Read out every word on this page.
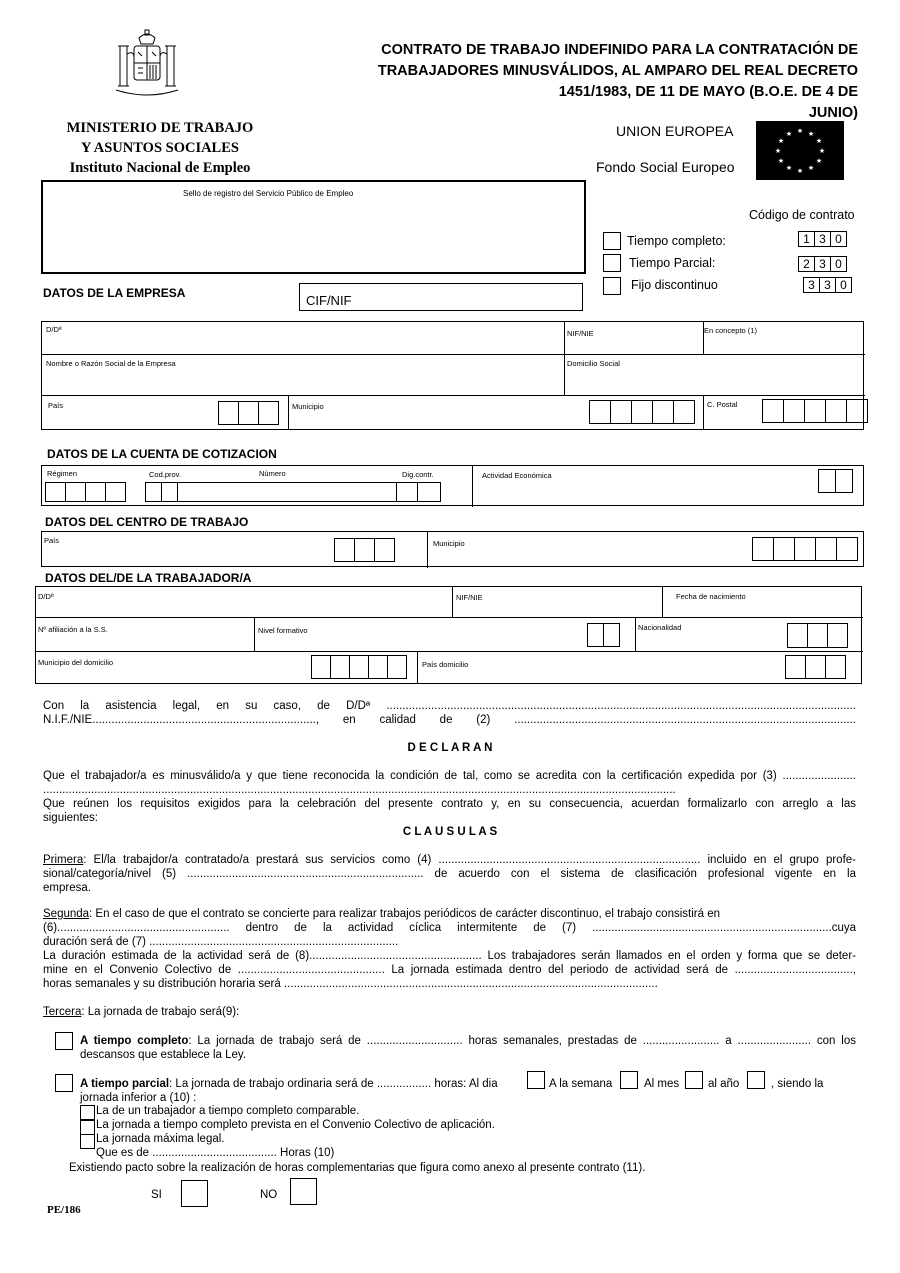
CONTRATO DE TRABAJO INDEFINIDO PARA LA CONTRATACIÓN DE
TRABAJADORES MINUSVÁLIDOS, AL AMPARO DEL REAL DECRETO
1451/1983, DE 11 DE MAYO (B.O.E. DE 4 DE
JUNIO)
MINISTERIO DE TRABAJO
Y ASUNTOS SOCIALES
Instituto Nacional de Empleo
UNION EUROPEA
Fondo Social Europeo
★ ★
★
★
★
★
★
★
★
★
★
★
Sello de registro del Servicio Público de Empleo
Código de contrato
Tiempo completo:	1 3 0
Tiempo Parcial:	2 3 0
Fijo discontinuo	3 3 0
DATOS DE LA EMPRESA	CIF/NIF
D/Dª	NIF/NIE	En concepto (1)
Nombre o Razón Social de la Empresa	Domicilio Social
País	Municipio	C. Postal
DATOS DE LA CUENTA DE COTIZACION
Régimen	Cod.prov.	Número	Dig.contr.	Actividad Económica
DATOS DEL CENTRO DE TRABAJO
País	Municipio
DATOS DEL/DE LA TRABAJADOR/A
D/Dª	NIF/NIE	Fecha de nacimiento
Nº afiliación a la S.S.	Nivel formativo	Nacionalidad
Municipio del domicilio	País domicilio
Con la asistencia legal, en su caso, de D/Dª ...................................................................................................................................................
N.I.F./NIE......................................................................, en calidad de (2) ...........................................................................................................
D E C L A R A N
Que el trabajador/a es minusválido/a y que tiene reconocida la condición de tal, como se acredita con la certificación expedida por (3) .......................
......................................................................................................................................................................................................
Que reúnen los requisitos exigidos para la celebración del presente contrato y, en su consecuencia, acuerdan formalizarlo con arreglo a las
siguientes:
C L A U S U L A S
Primera: El/la trabajdor/a contratado/a prestará sus servicios como (4) .................................................................................. incluido en el grupo profe-
sional/categoría/nivel (5) .......................................................................... de acuerdo con el sistema de clasificación profesional vigente en la
empresa.
Segunda: En el caso de que el contrato se concierte para realizar trabajos periódicos de carácter discontinuo, el trabajo consistirá en
(6)...................................................... dentro de la actividad cíclica intermitente de (7) ...........................................................................cuya
duración será de (7) ..............................................................................
La duración estimada de la actividad será de (8)...................................................... Los trabajadores serán llamados en el orden y forma que se deter-
mine en el Convenio Colectivo de .............................................. La jornada estimada dentro del periodo de actividad será de .....................................,
horas semanales y su distribución horaria será .....................................................................................................................
Tercera: La jornada de trabajo será(9):
A tiempo completo: La jornada de trabajo será de .............................. horas semanales, prestadas de ........................ a ....................... con los
descansos que establece la Ley.
A tiempo parcial: La jornada de trabajo ordinaria será de ................. horas: Al dia	A la semana	Al mes	al año	, siendo la
jornada inferior a (10) :
La de un trabajador a tiempo completo comparable.
La jornada a tiempo completo prevista en el Convenio Colectivo de aplicación.
La jornada máxima legal.
Que es de ....................................... Horas (10)
Existiendo pacto sobre la realización de horas complementarias que figura como anexo al presente contrato (11).
SI	NO
PE/186
